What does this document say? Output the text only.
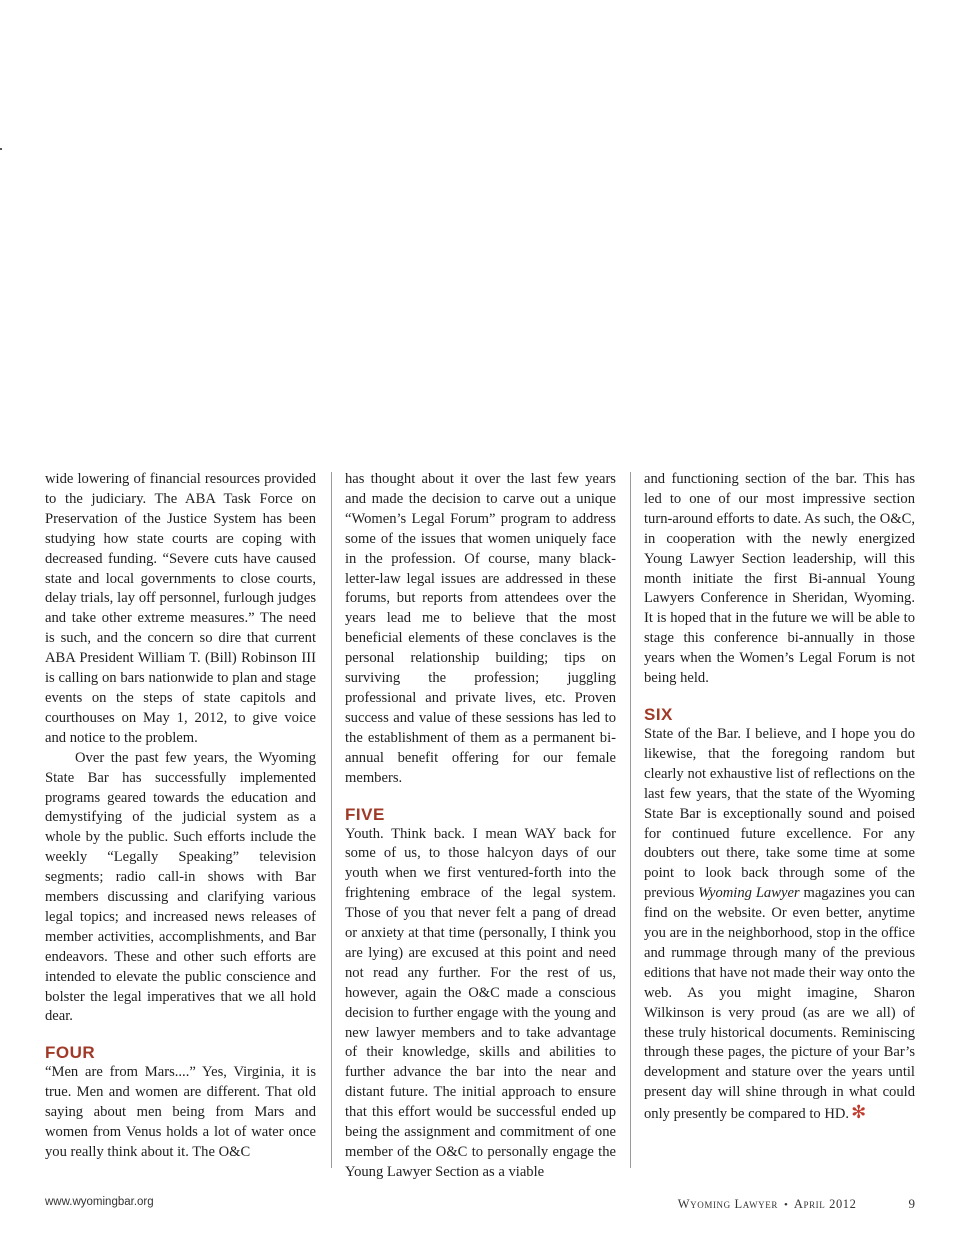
wide lowering of financial resources provided to the judiciary. The ABA Task Force on Preservation of the Justice System has been studying how state courts are coping with decreased funding. “Severe cuts have caused state and local governments to close courts, delay trials, lay off personnel, furlough judges and take other extreme measures.” The need is such, and the concern so dire that current ABA President William T. (Bill) Robinson III is calling on bars nationwide to plan and stage events on the steps of state capitols and courthouses on May 1, 2012, to give voice and notice to the problem.

Over the past few years, the Wyoming State Bar has successfully implemented programs geared towards the education and demystifying of the judicial system as a whole by the public. Such efforts include the weekly “Legally Speaking” television segments; radio call-in shows with Bar members discussing and clarifying various legal topics; and increased news releases of member activities, accomplishments, and Bar endeavors. These and other such efforts are intended to elevate the public conscience and bolster the legal imperatives that we all hold dear.

FOUR

“Men are from Mars....” Yes, Virginia, it is true. Men and women are different. That old saying about men being from Mars and women from Venus holds a lot of water once you really think about it. The O&C

has thought about it over the last few years and made the decision to carve out a unique “Women’s Legal Forum” program to address some of the issues that women uniquely face in the profession. Of course, many black-letter-law legal issues are addressed in these forums, but reports from attendees over the years lead me to believe that the most beneficial elements of these conclaves is the personal relationship building; tips on surviving the profession; juggling professional and private lives, etc. Proven success and value of these sessions has led to the establishment of them as a permanent bi-annual benefit offering for our female members.

FIVE

Youth. Think back. I mean WAY back for some of us, to those halcyon days of our youth when we first ventured-forth into the frightening embrace of the legal system. Those of you that never felt a pang of dread or anxiety at that time (personally, I think you are lying) are excused at this point and need not read any further. For the rest of us, however, again the O&C made a conscious decision to further engage with the young and new lawyer members and to take advantage of their knowledge, skills and abilities to further advance the bar into the near and distant future. The initial approach to ensure that this effort would be successful ended up being the assignment and commitment of one member of the O&C to personally engage the Young Lawyer Section as a viable

and functioning section of the bar. This has led to one of our most impressive section turn-around efforts to date. As such, the O&C, in cooperation with the newly energized Young Lawyer Section leadership, will this month initiate the first Bi-annual Young Lawyers Conference in Sheridan, Wyoming. It is hoped that in the future we will be able to stage this conference bi-annually in those years when the Women’s Legal Forum is not being held.

SIX

State of the Bar. I believe, and I hope you do likewise, that the foregoing random but clearly not exhaustive list of reflections on the last few years, that the state of the Wyoming State Bar is exceptionally sound and poised for continued future excellence. For any doubters out there, take some time at some point to look back through some of the previous Wyoming Lawyer magazines you can find on the website. Or even better, anytime you are in the neighborhood, stop in the office and rummage through many of the previous editions that have not made their way onto the web. As you might imagine, Sharon Wilkinson is very proud (as are we all) of these truly historical documents. Reminiscing through these pages, the picture of your Bar’s development and stature over the years until present day will shine through in what could only presently be compared to HD. ✻

www.wyomingbar.org	Wyoming Lawyer • April 2012	9
